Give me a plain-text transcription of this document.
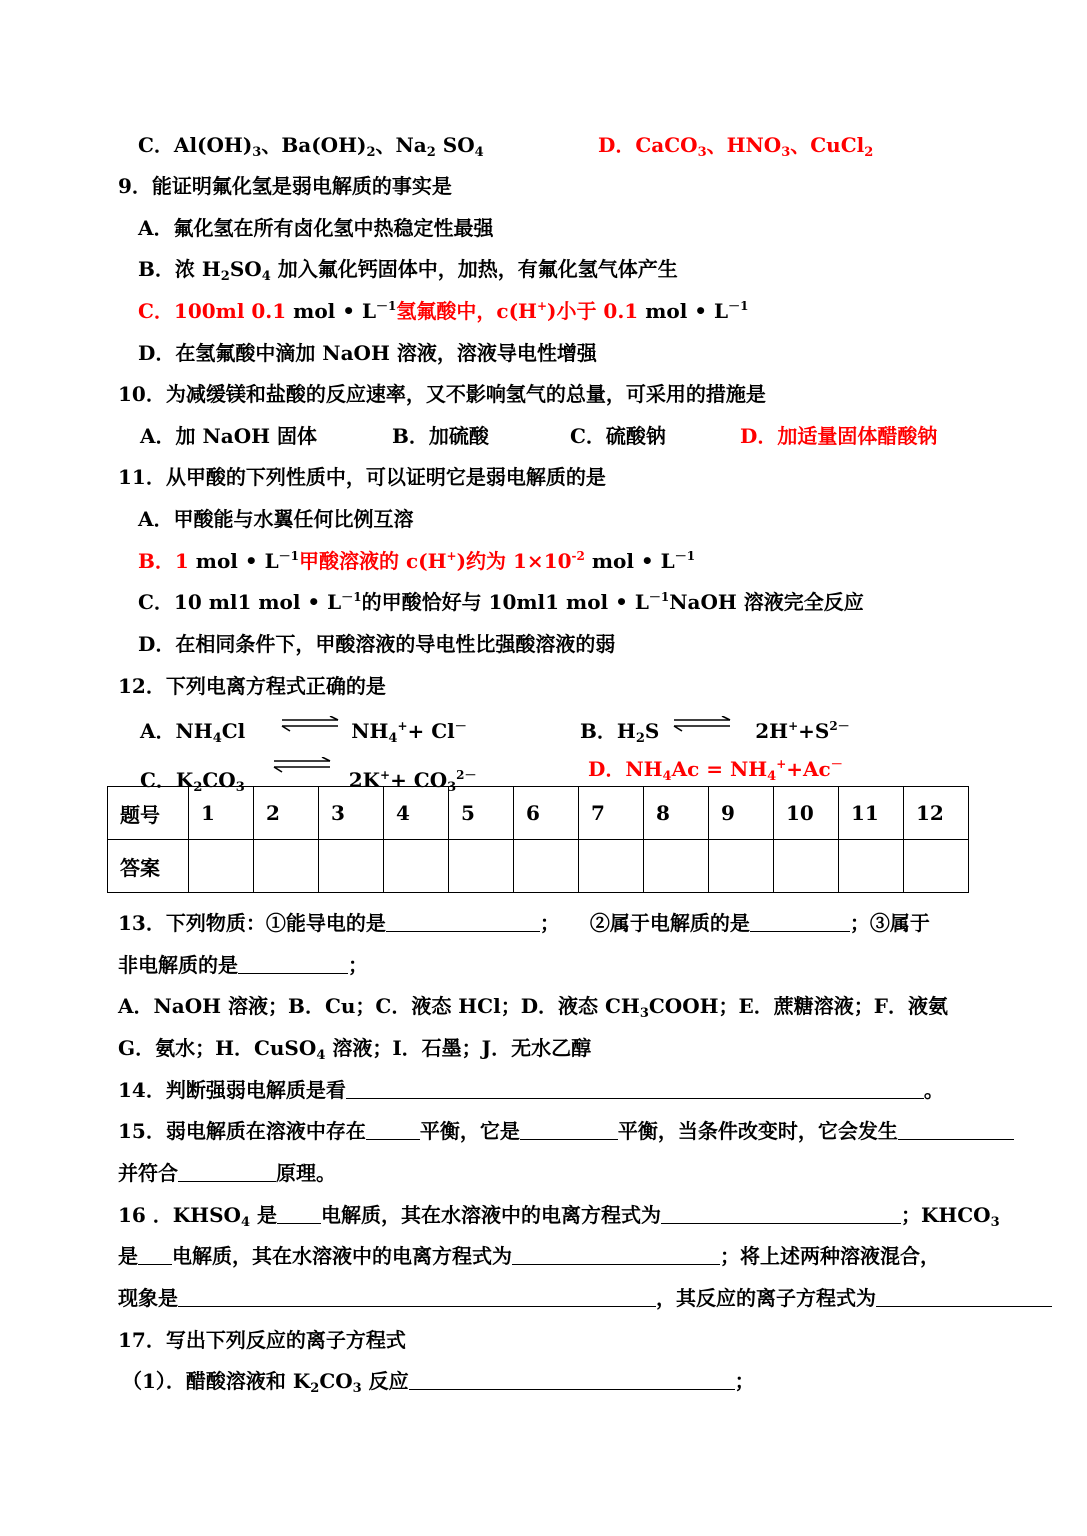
C．$Al(OH)_3$、$Ba(OH)_2$、$Na_2$ $SO_4$	D．CaCO$_3$、$HNO_3$、CuCl$_2$
9．能证明氟化氢是弱电解质的事实是
A．氟化氢在所有卤化氢中热稳定性最强
B．浓 $H_2SO_4$ 加入氟化钙固体中，加热，有氟化氢气体产生
C．100ml 0.1 mol • $L^{-1}$氢氟酸中，c(H+)小于 0.1 mol • $L^{-1}$
D．在氢氟酸中滴加 NaOH 溶液，溶液导电性增强
10．为减缓镁和盐酸的反应速率，又不影响氢气的总量，可采用的措施是
A．加 NaOH 固体	B．加硫酸	C．硫酸钠	D．加适量固体醋酸钠
11．从甲酸的下列性质中，可以证明它是弱电解质的是
A．甲酸能与水翼任何比例互溶
B．1 mol • $L^{-1}$甲酸溶液的 c(H+)约为 $1\times 10^{-2}$ mol • $L^{-1}$
C．10 ml1 mol • $L^{-1}$的甲酸恰好与 10ml1 mol • $L^{-1}NaOH$ 溶液完全反应
D．在相同条件下，甲酸溶液的导电性比强酸溶液的弱
12．下列电离方程式正确的是
A．$NH_4Cl$ ⇌ $NH_4^++ Cl^-$	B．$H_2S$ ⇌ $2H^++S^{2-}$
C．$K_2CO_3$	$2K^++ CO_3^{2-}$	D．$NH_4Ac = NH_4^++Ac^-$
题号	1	2	3	4	5	6	7	8	9	10	11	12
答案												
13．下列物质：①能导电的是	； ②属于电解质的是	；③属于
非电解质的是	；
A．NaOH 溶液；B．Cu；C．液态 HCl；D．液态 $CH_3COOH$；E．蔗糖溶液；F．液氨
G．氨水；H．CuSO$_4$ 溶液；I．石墨；J．无水乙醇
14．判断强弱电解质是看	。
15．弱电解质在溶液中存在	平衡，它是	平衡，当条件改变时，它会发生
并符合	原理。
16 ．$KHSO_4$ 是 电解质，其在水溶液中的电离方程式为	；$KHCO_3$
是 电解质，其在水溶液中的电离方程式为	；将上述两种溶液混合，
现象是	，其反应的离子方程式为
17．写出下列反应的离子方程式
（1）．醋酸溶液和 $K_2CO_3$ 反应	；
